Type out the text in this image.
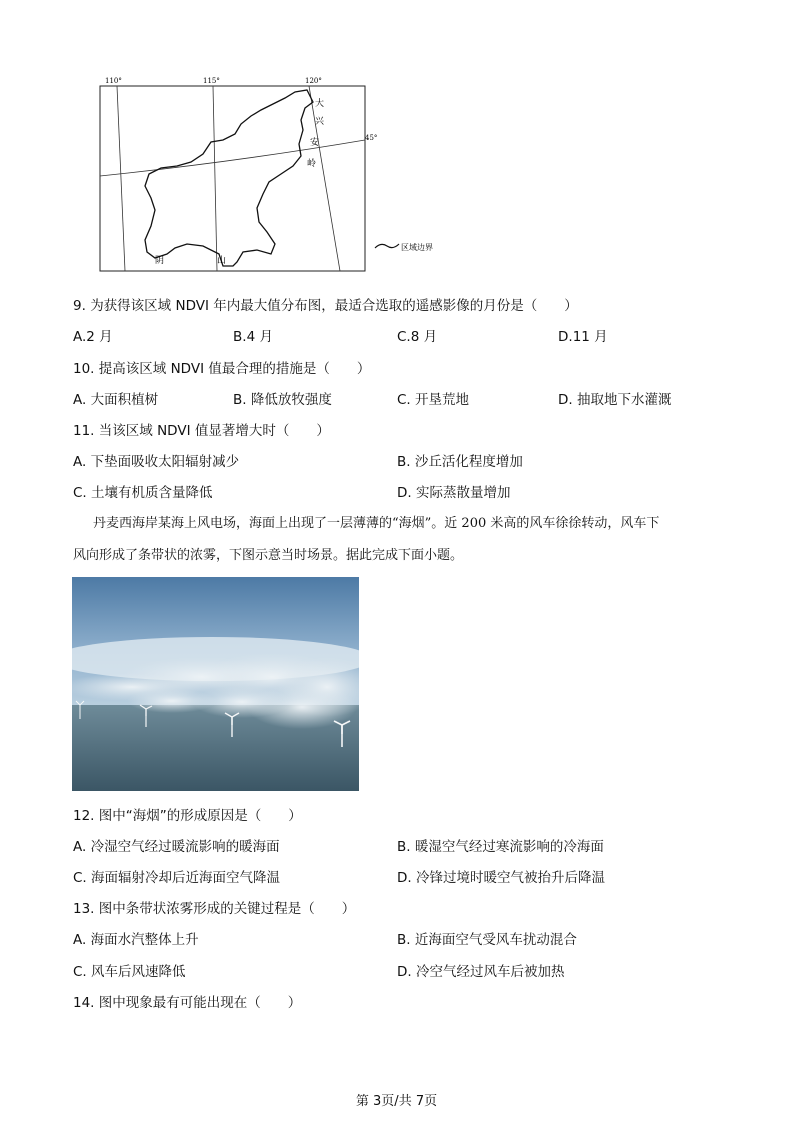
110°	115°	120°
45°
大
兴
安
岭
阴	山
区域边界
9. 为获得该区域 NDVI 年内最大值分布图，最适合选取的遥感影像的月份是（　　）
A.2 月	B.4 月	C.8 月	D.11 月
10. 提高该区域 NDVI 值最合理的措施是（　　）
A. 大面积植树	B. 降低放牧强度	C. 开垦荒地	D. 抽取地下水灌溉
11. 当该区域 NDVI 值显著增大时（　　）
A. 下垫面吸收太阳辐射减少	B. 沙丘活化程度增加
C. 土壤有机质含量降低	D. 实际蒸散量增加
丹麦西海岸某海上风电场，海面上出现了一层薄薄的“海烟”。近 200 米高的风车徐徐转动，风车下
风向形成了条带状的浓雾，下图示意当时场景。据此完成下面小题。
12. 图中“海烟”的形成原因是（　　）
A. 冷湿空气经过暖流影响的暖海面	B. 暖湿空气经过寒流影响的冷海面
C. 海面辐射冷却后近海面空气降温	D. 冷锋过境时暖空气被抬升后降温
13. 图中条带状浓雾形成的关键过程是（　　）
A. 海面水汽整体上升	B. 近海面空气受风车扰动混合
C. 风车后风速降低	D. 冷空气经过风车后被加热
14. 图中现象最有可能出现在（　　）
第 3页/共 7页
